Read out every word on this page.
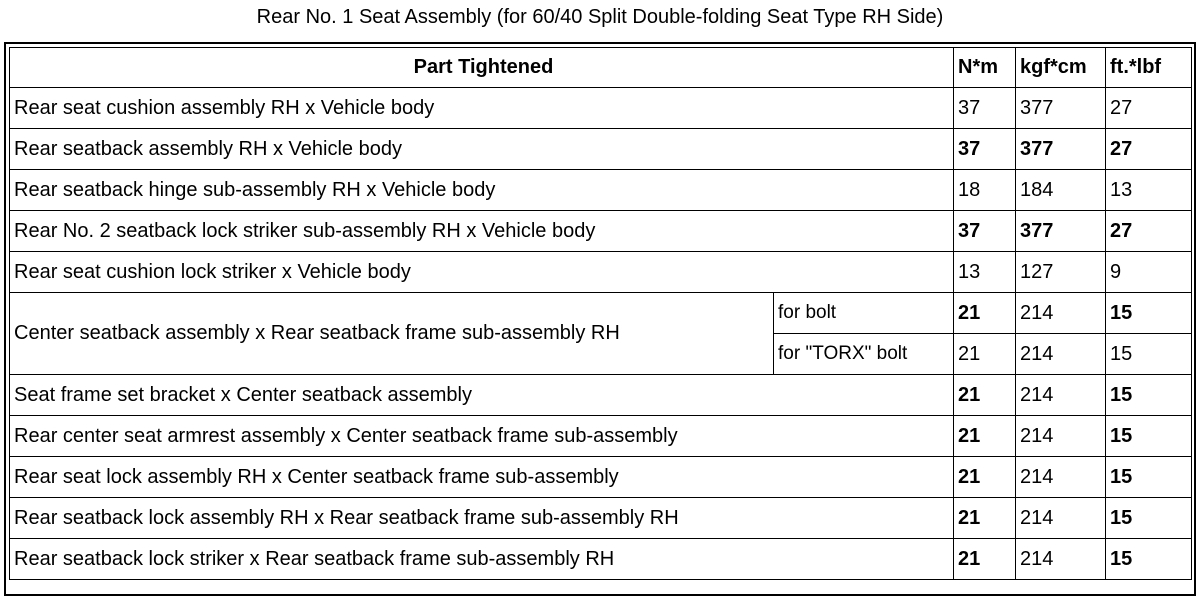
Rear No. 1 Seat Assembly (for 60/40 Split Double-folding Seat Type RH Side)
Part Tightened		N*m	kgf*cm	ft.*lbf
Rear seat cushion assembly RH x Vehicle body		37	377	27
Rear seatback assembly RH x Vehicle body		37	377	27
Rear seatback hinge sub-assembly RH x Vehicle body		18	184	13
Rear No. 2 seatback lock striker sub-assembly RH x Vehicle body		37	377	27
Rear seat cushion lock striker x Vehicle body		13	127	9
Center seatback assembly x Rear seatback frame sub-assembly RH	for bolt	21	214	15
	for "TORX" bolt	21	214	15
Seat frame set bracket x Center seatback assembly		21	214	15
Rear center seat armrest assembly x Center seatback frame sub-assembly		21	214	15
Rear seat lock assembly RH x Center seatback frame sub-assembly		21	214	15
Rear seatback lock assembly RH x Rear seatback frame sub-assembly RH		21	214	15
Rear seatback lock striker x Rear seatback frame sub-assembly RH		21	214	15
